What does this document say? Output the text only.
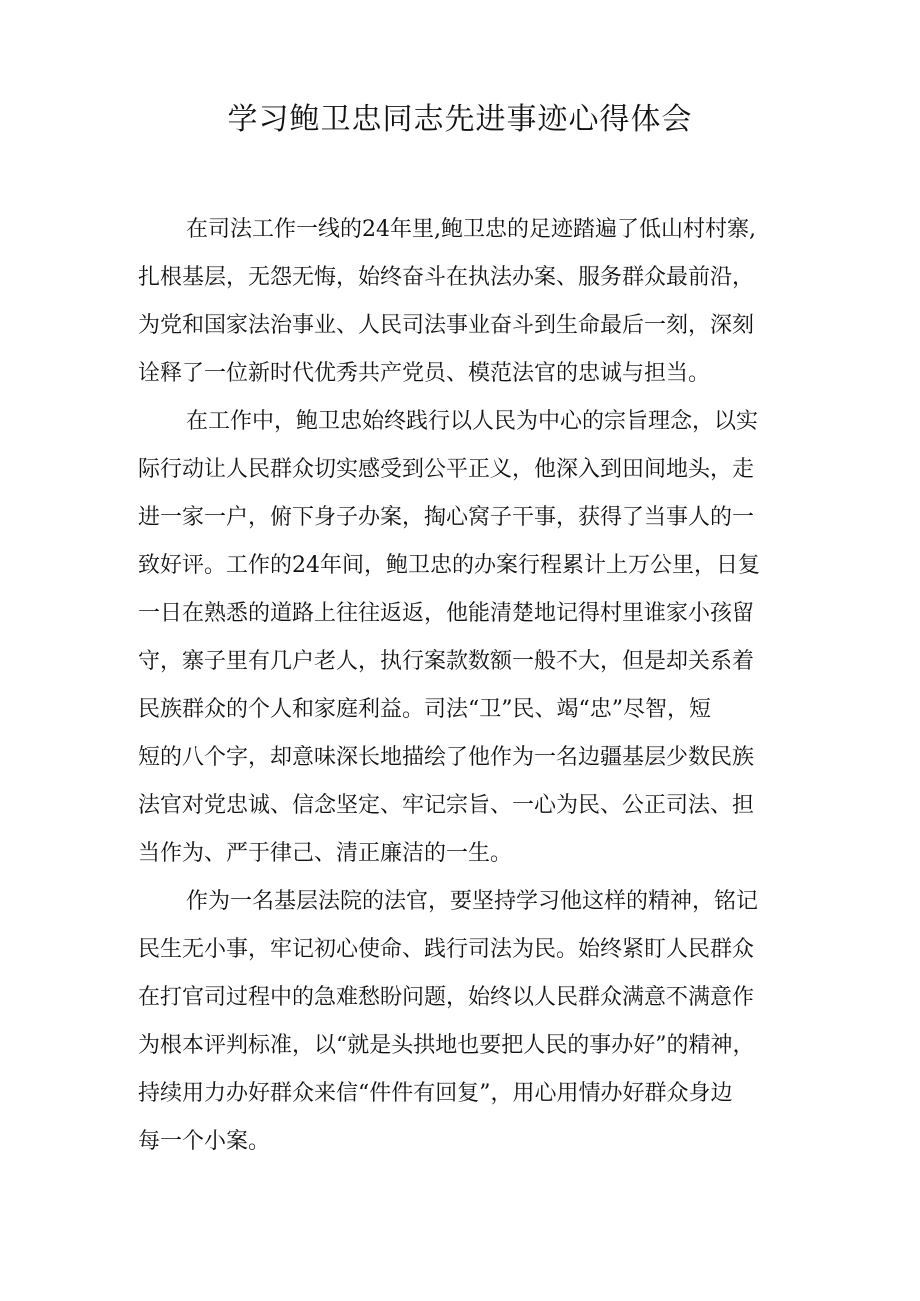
学习鲍卫忠同志先进事迹心得体会

在司法工作一线的24年里,鲍卫忠的足迹踏遍了低山村村寨,

扎根基层，无怨无悔，始终奋斗在执法办案、服务群众最前沿，

为党和国家法治事业、人民司法事业奋斗到生命最后一刻，深刻

诠释了一位新时代优秀共产党员、模范法官的忠诚与担当。

在工作中，鲍卫忠始终践行以人民为中心的宗旨理念，以实

际行动让人民群众切实感受到公平正义，他深入到田间地头，走

进一家一户，俯下身子办案，掏心窝子干事，获得了当事人的一

致好评。工作的24年间，鲍卫忠的办案行程累计上万公里，日复

一日在熟悉的道路上往往返返，他能清楚地记得村里谁家小孩留

守，寨子里有几户老人，执行案款数额一般不大，但是却关系着

民族群众的个人和家庭利益。司法“卫”民、竭“忠”尽智，短

短的八个字，却意味深长地描绘了他作为一名边疆基层少数民族

法官对党忠诚、信念坚定、牢记宗旨、一心为民、公正司法、担

当作为、严于律己、清正廉洁的一生。

作为一名基层法院的法官，要坚持学习他这样的精神，铭记

民生无小事，牢记初心使命、践行司法为民。始终紧盯人民群众

在打官司过程中的急难愁盼问题，始终以人民群众满意不满意作

为根本评判标准，以“就是头拱地也要把人民的事办好”的精神，

持续用力办好群众来信“件件有回复”，用心用情办好群众身边

每一个小案。
